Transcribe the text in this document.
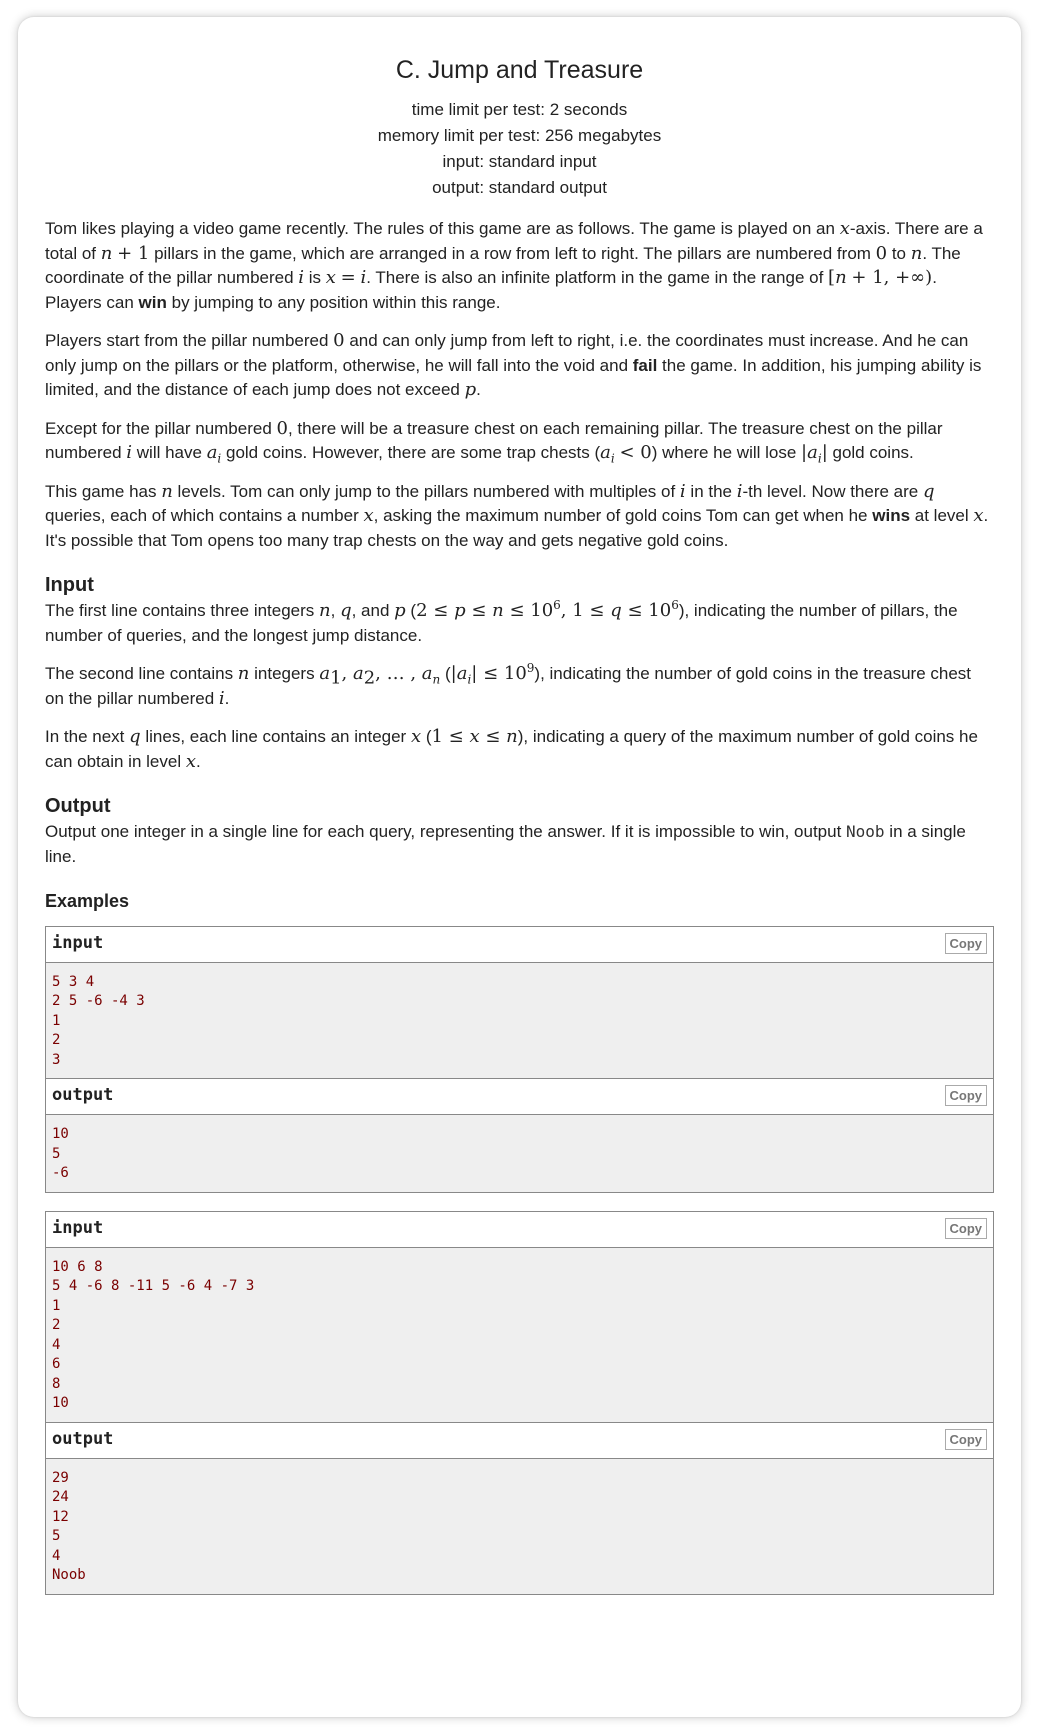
C. Jump and Treasure
time limit per test: 2 seconds
memory limit per test: 256 megabytes
input: standard input
output: standard output

Tom likes playing a video game recently. The rules of this game are as follows. The game is played on an x-axis. There are a total of n + 1 pillars in the game, which are arranged in a row from left to right. The pillars are numbered from 0 to n. The coordinate of the pillar numbered i is x = i. There is also an infinite platform in the game in the range of [n + 1, +∞). Players can win by jumping to any position within this range.

Players start from the pillar numbered 0 and can only jump from left to right, i.e. the coordinates must increase. And he can only jump on the pillars or the platform, otherwise, he will fall into the void and fail the game. In addition, his jumping ability is limited, and the distance of each jump does not exceed p.

Except for the pillar numbered 0, there will be a treasure chest on each remaining pillar. The treasure chest on the pillar numbered i will have $a_i$ gold coins. However, there are some trap chests $(a_i < 0)$ where he will lose $|a_i|$ gold coins.

This game has n levels. Tom can only jump to the pillars numbered with multiples of i in the i-th level. Now there are q queries, each of which contains a number x, asking the maximum number of gold coins Tom can get when he wins at level x. It's possible that Tom opens too many trap chests on the way and gets negative gold coins.

Input

The first line contains three integers n, q, and p ($2 \le p \le n \le 10^6$, $1 \le q \le 10^6$), indicating the number of pillars, the number of queries, and the longest jump distance.

The second line contains n integers $a_1$, $a_2$, … , $a_n$ $(|a_i| \le 10^9)$, indicating the number of gold coins in the treasure chest on the pillar numbered i.

In the next q lines, each line contains an integer x (1 ≤ x ≤ n), indicating a query of the maximum number of gold coins he can obtain in level x.

Output

Output one integer in a single line for each query, representing the answer. If it is impossible to win, output Noob in a single line.

Examples
input	Copy
5 3 4
2 5 -6 -4 3
1
2
3
output	Copy
10
5
-6
input	Copy
10 6 8
5 4 -6 8 -11 5 -6 4 -7 3
1
2
4
6
8
10
output	Copy
29
24
12
5
4
Noob
